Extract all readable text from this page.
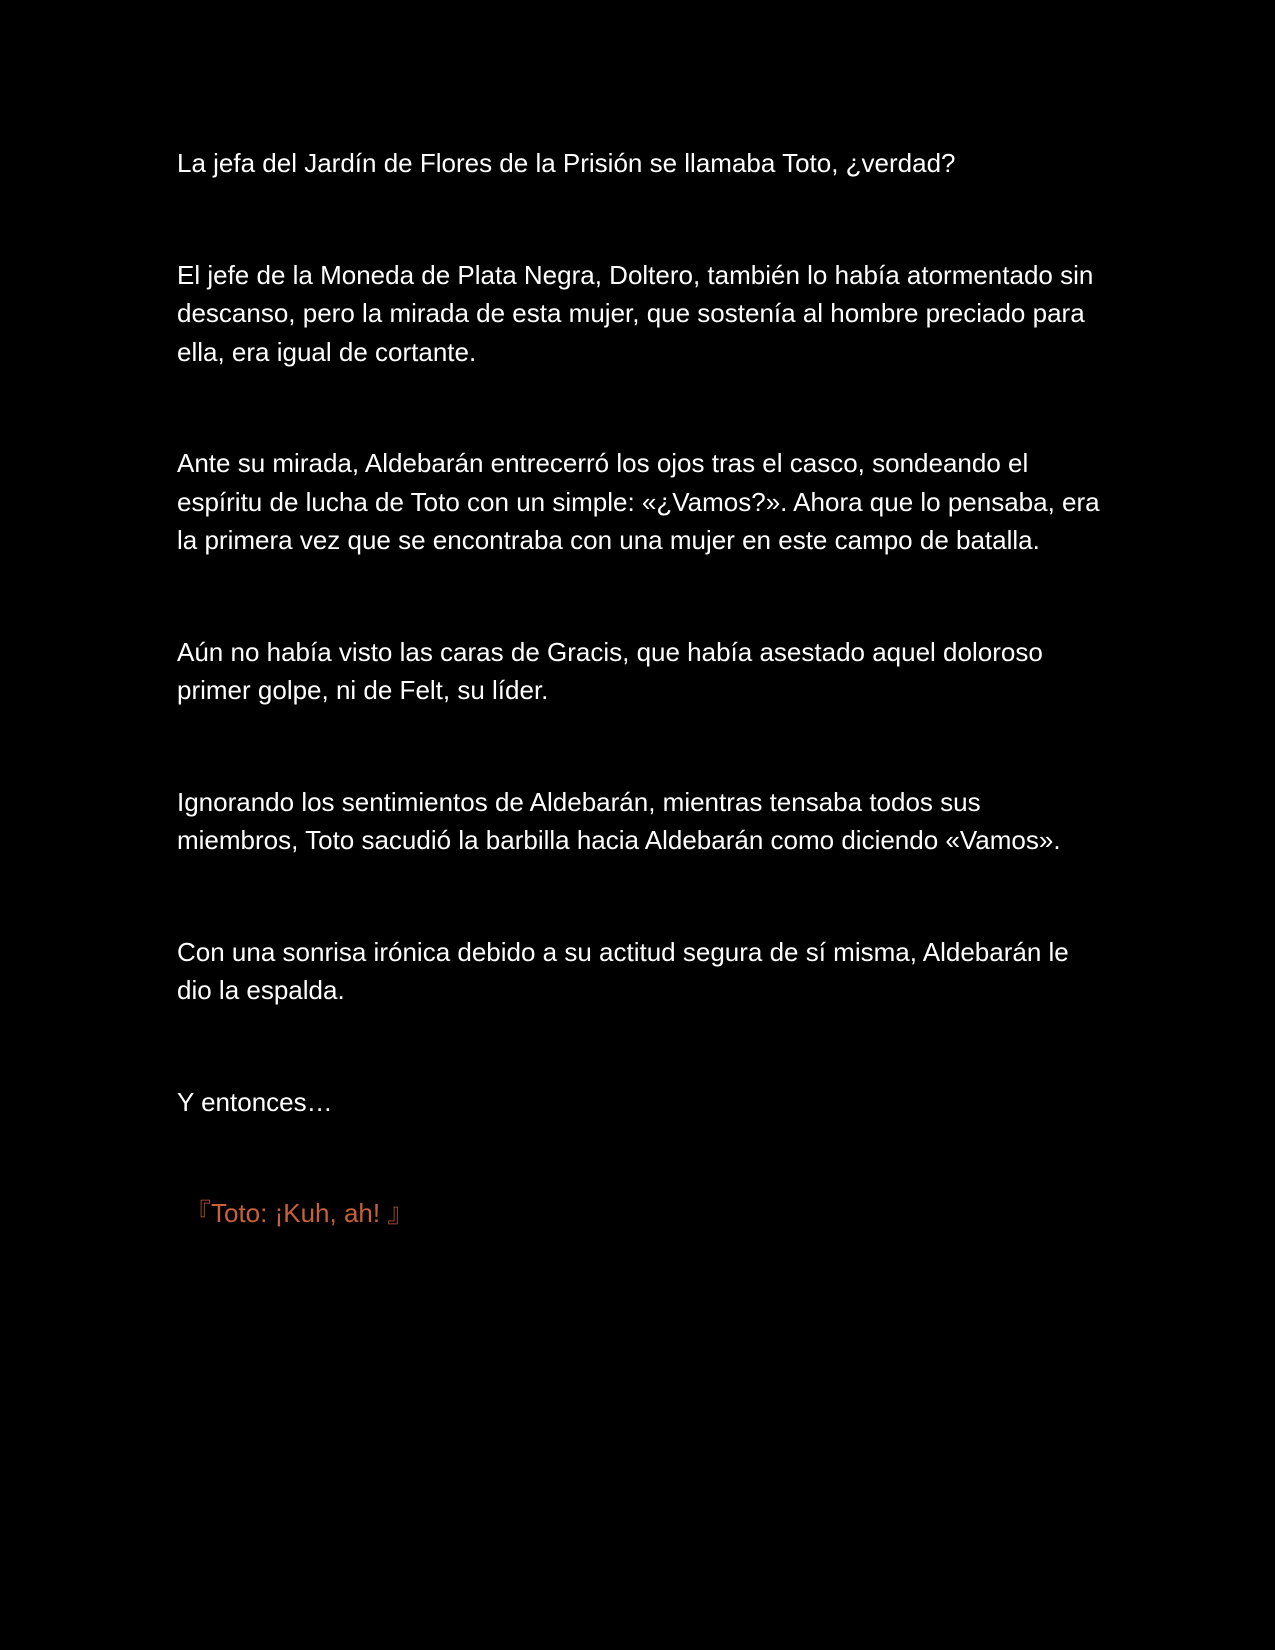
La jefa del Jardín de Flores de la Prisión se llamaba Toto, ¿verdad?

El jefe de la Moneda de Plata Negra, Doltero, también lo había atormentado sin descanso, pero la mirada de esta mujer, que sostenía al hombre preciado para ella, era igual de cortante.

Ante su mirada, Aldebarán entrecerró los ojos tras el casco, sondeando el espíritu de lucha de Toto con un simple: «¿Vamos?». Ahora que lo pensaba, era la primera vez que se encontraba con una mujer en este campo de batalla.

Aún no había visto las caras de Gracis, que había asestado aquel doloroso primer golpe, ni de Felt, su líder.

Ignorando los sentimientos de Aldebarán, mientras tensaba todos sus miembros, Toto sacudió la barbilla hacia Aldebarán como diciendo «Vamos».

Con una sonrisa irónica debido a su actitud segura de sí misma, Aldebarán le dio la espalda.

Y entonces…

『Toto: ¡Kuh, ah! 』
